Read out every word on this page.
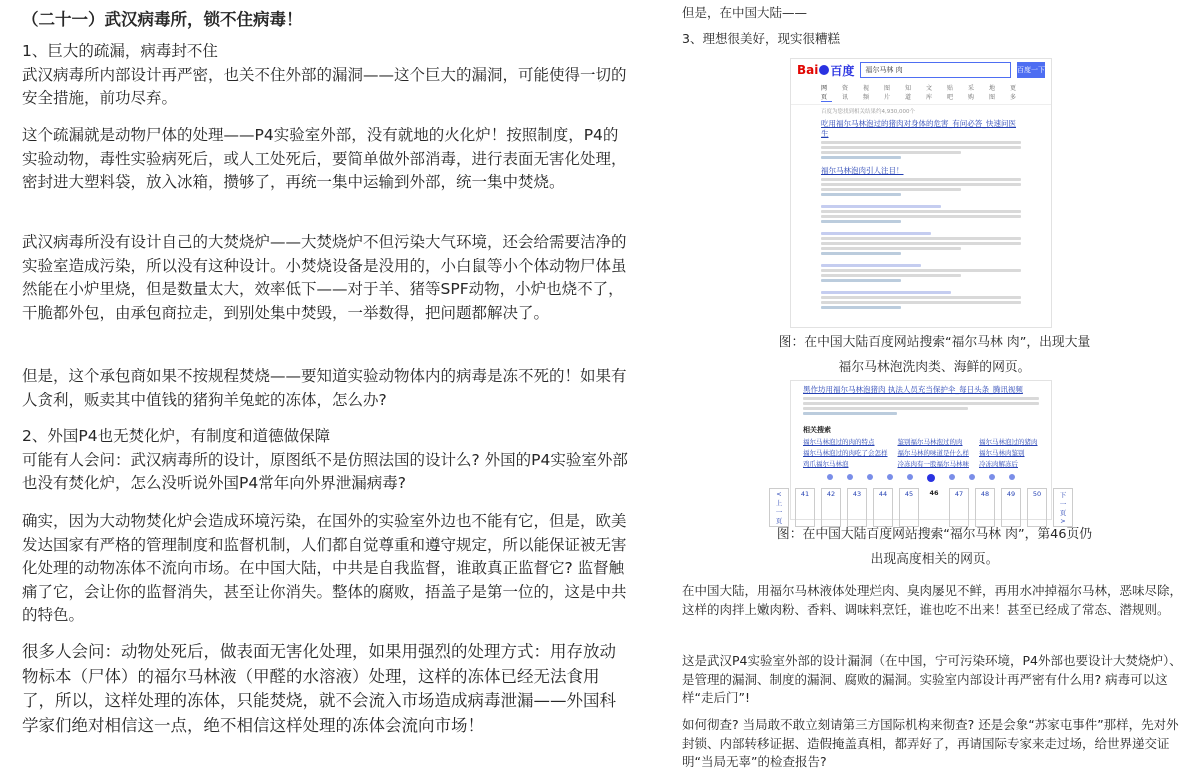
（二十一）武汉病毒所，锁不住病毒！

1、巨大的疏漏，病毒封不住

武汉病毒所内部设计再严密，也关不住外部的漏洞——这个巨大的漏洞，可能使得一切的安全措施，前功尽弃。

这个疏漏就是动物尸体的处理——P4实验室外部，没有就地的火化炉！按照制度，P4的实验动物，毒性实验病死后，或人工处死后，要简单做外部消毒，进行表面无害化处理，密封进大塑料袋，放入冰箱，攒够了，再统一集中运输到外部，统一集中焚烧。

武汉病毒所没有设计自己的大焚烧炉——大焚烧炉不但污染大气环境，还会给需要洁净的实验室造成污染，所以没有这种设计。小焚烧设备是没用的，小白鼠等小个体动物尸体虽然能在小炉里烧，但是数量太大，效率低下——对于羊、猪等SPF动物，小炉也烧不了，干脆都外包，由承包商拉走，到别处集中焚毁，一举数得，把问题都解决了。

但是，这个承包商如果不按规程焚烧——要知道实验动物体内的病毒是冻不死的！如果有人贪利，贩卖其中值钱的猪狗羊兔蛇的冻体，怎么办?

2、外国P4也无焚化炉，有制度和道德做保障

可能有人会问：武汉病毒所的设计，原图纸不是仿照法国的设计么? 外国的P4实验室外部也没有焚化炉，怎么没听说外国P4常年向外界泄漏病毒?

确实，因为大动物焚化炉会造成环境污染，在国外的实验室外边也不能有它，但是，欧美发达国家有严格的管理制度和监督机制，人们都自觉尊重和遵守规定，所以能保证被无害化处理的动物冻体不流向市场。在中国大陆，中共是自我监督，谁敢真正监督它? 监督触痛了它，会让你的监督消失，甚至让你消失。整体的腐败，捂盖子是第一位的，这是中共的特色。

很多人会问：动物处死后，做表面无害化处理，如果用强烈的处理方式：用存放动物标本（尸体）的福尔马林液（甲醛的水溶液）处理，这样的冻体已经无法食用了，所以，这样处理的冻体，只能焚烧，就不会流入市场造成病毒泄漏——外国科学家们绝对相信这一点，绝不相信这样处理的冻体会流向市场！

但是，在中国大陆——

3、理想很美好，现实很糟糕

Bai 百度	福尔马林 肉	百度一下
网页
资讯
视频
图片
知道
文库
贴吧
采购
地图
更多
百度为您找到相关结果约4,930,000个
吃用福尔马林泡过的猪肉对身体的危害_有问必答_快速问医生
福尔马林泡肉引人注目！

图：在中国大陆百度网站搜索“福尔马林 肉”，出现大量

福尔马林泡洗肉类、海鲜的网页。

黑作坊用福尔马林泡猪肉 执法人员充当保护伞_每日头条_腾讯视频
相关搜索
福尔马林泡过的肉的特点	鉴别福尔马林泡过的肉	福尔马林泡过的猪肉
福尔马林泡过的肉吃了会怎样 福尔马林的味道是什么样 福尔马林肉鉴别
鸡爪福尔马林泡	冷冻肉有一股福尔马林味 冷冻肉解冻后
<上一页
41	42	43	44	45	46	47	48	49	50	下一页>

图：在中国大陆百度网站搜索“福尔马林 肉”，第46页仍

出现高度相关的网页。

在中国大陆，用福尔马林液体处理烂肉、臭肉屡见不鲜，再用水冲掉福尔马林，恶味尽除，这样的肉拌上嫩肉粉、香料、调味料烹饪，谁也吃不出来！甚至已经成了常态、潜规则。

这是武汉P4实验室外部的设计漏洞（在中国，宁可污染环境，P4外部也要设计大焚烧炉）、是管理的漏洞、制度的漏洞、腐败的漏洞。实验室内部设计再严密有什么用? 病毒可以这样“走后门”!

如何彻查? 当局敢不敢立刻请第三方国际机构来彻查? 还是会象“苏家屯事件”那样，先对外封锁、内部转移证据、造假掩盖真相，都弄好了，再请国际专家来走过场，给世界递交证明“当局无辜”的检查报告?
